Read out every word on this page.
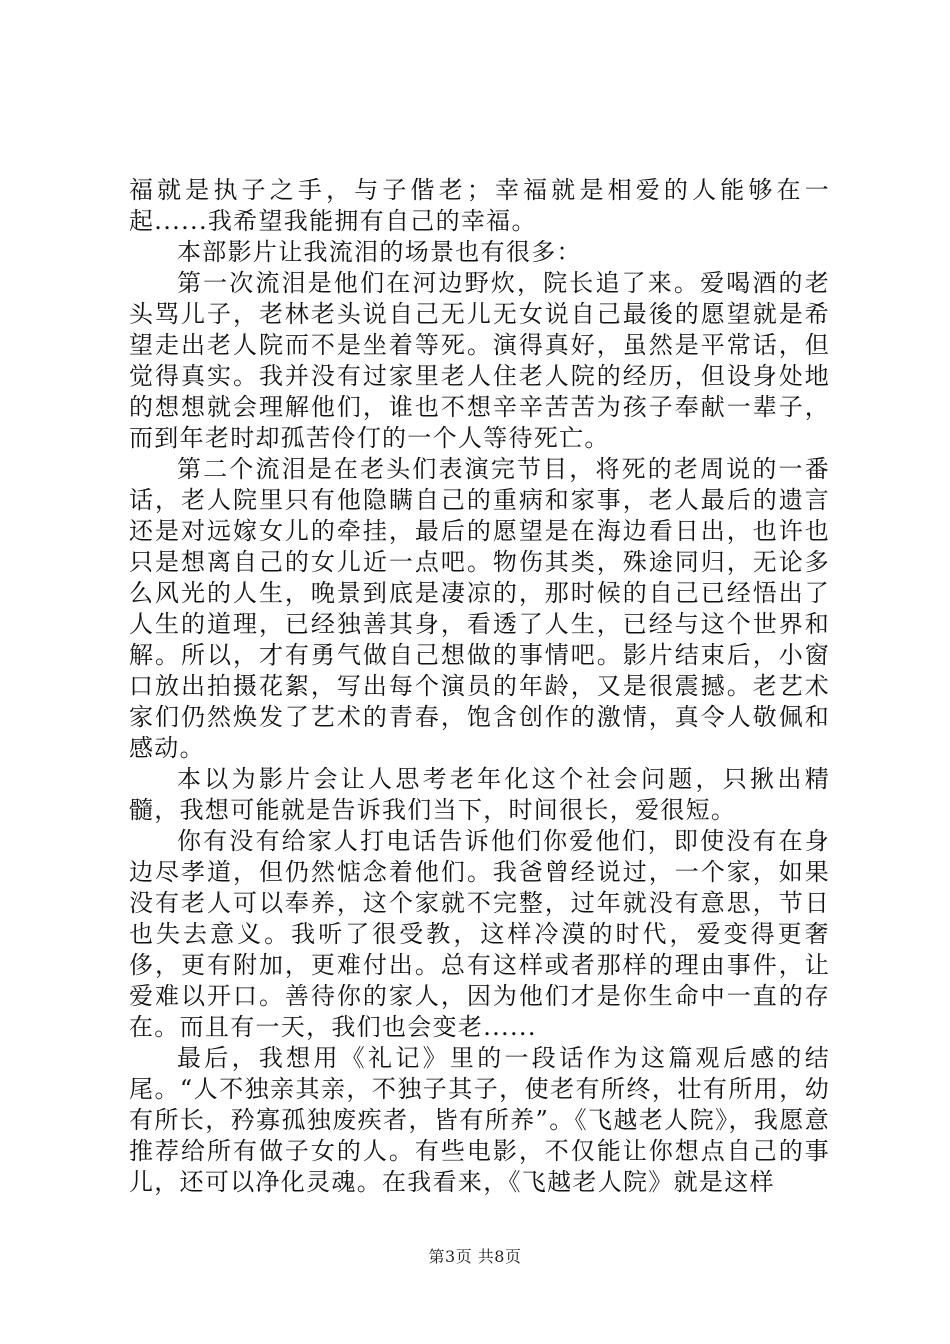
福就是执子之手，与子偕老；幸福就是相爱的人能够在一起......我希望我能拥有自己的幸福。

本部影片让我流泪的场景也有很多：

第一次流泪是他们在河边野炊，院长追了来。爱喝酒的老头骂儿子，老林老头说自己无儿无女说自己最後的愿望就是希望走出老人院而不是坐着等死。演得真好，虽然是平常话，但觉得真实。我并没有过家里老人住老人院的经历，但设身处地的想想就会理解他们，谁也不想辛辛苦苦为孩子奉献一辈子，而到年老时却孤苦伶仃的一个人等待死亡。

第二个流泪是在老头们表演完节目，将死的老周说的一番话，老人院里只有他隐瞒自己的重病和家事，老人最后的遗言还是对远嫁女儿的牵挂，最后的愿望是在海边看日出，也许也只是想离自己的女儿近一点吧。物伤其类，殊途同归，无论多么风光的人生，晚景到底是凄凉的，那时候的自己已经悟出了人生的道理，已经独善其身，看透了人生，已经与这个世界和解。所以，才有勇气做自己想做的事情吧。影片结束后，小窗口放出拍摄花絮，写出每个演员的年龄，又是很震撼。老艺术家们仍然焕发了艺术的青春，饱含创作的激情，真令人敬佩和感动。

本以为影片会让人思考老年化这个社会问题，只揪出精髓，我想可能就是告诉我们当下，时间很长，爱很短。

你有没有给家人打电话告诉他们你爱他们，即使没有在身边尽孝道，但仍然惦念着他们。我爸曾经说过，一个家，如果没有老人可以奉养，这个家就不完整，过年就没有意思，节日也失去意义。我听了很受教，这样冷漠的时代，爱变得更奢侈，更有附加，更难付出。总有这样或者那样的理由事件，让爱难以开口。善待你的家人，因为他们才是你生命中一直的存在。而且有一天，我们也会变老......

最后，我想用《礼记》里的一段话作为这篇观后感的结尾。“人不独亲其亲，不独子其子，使老有所终，壮有所用，幼有所长，矜寡孤独废疾者，皆有所养”。《飞越老人院》，我愿意推荐给所有做子女的人。有些电影，不仅能让你想点自己的事儿，还可以净化灵魂。在我看来，《飞越老人院》就是这样

第3页 共8页
